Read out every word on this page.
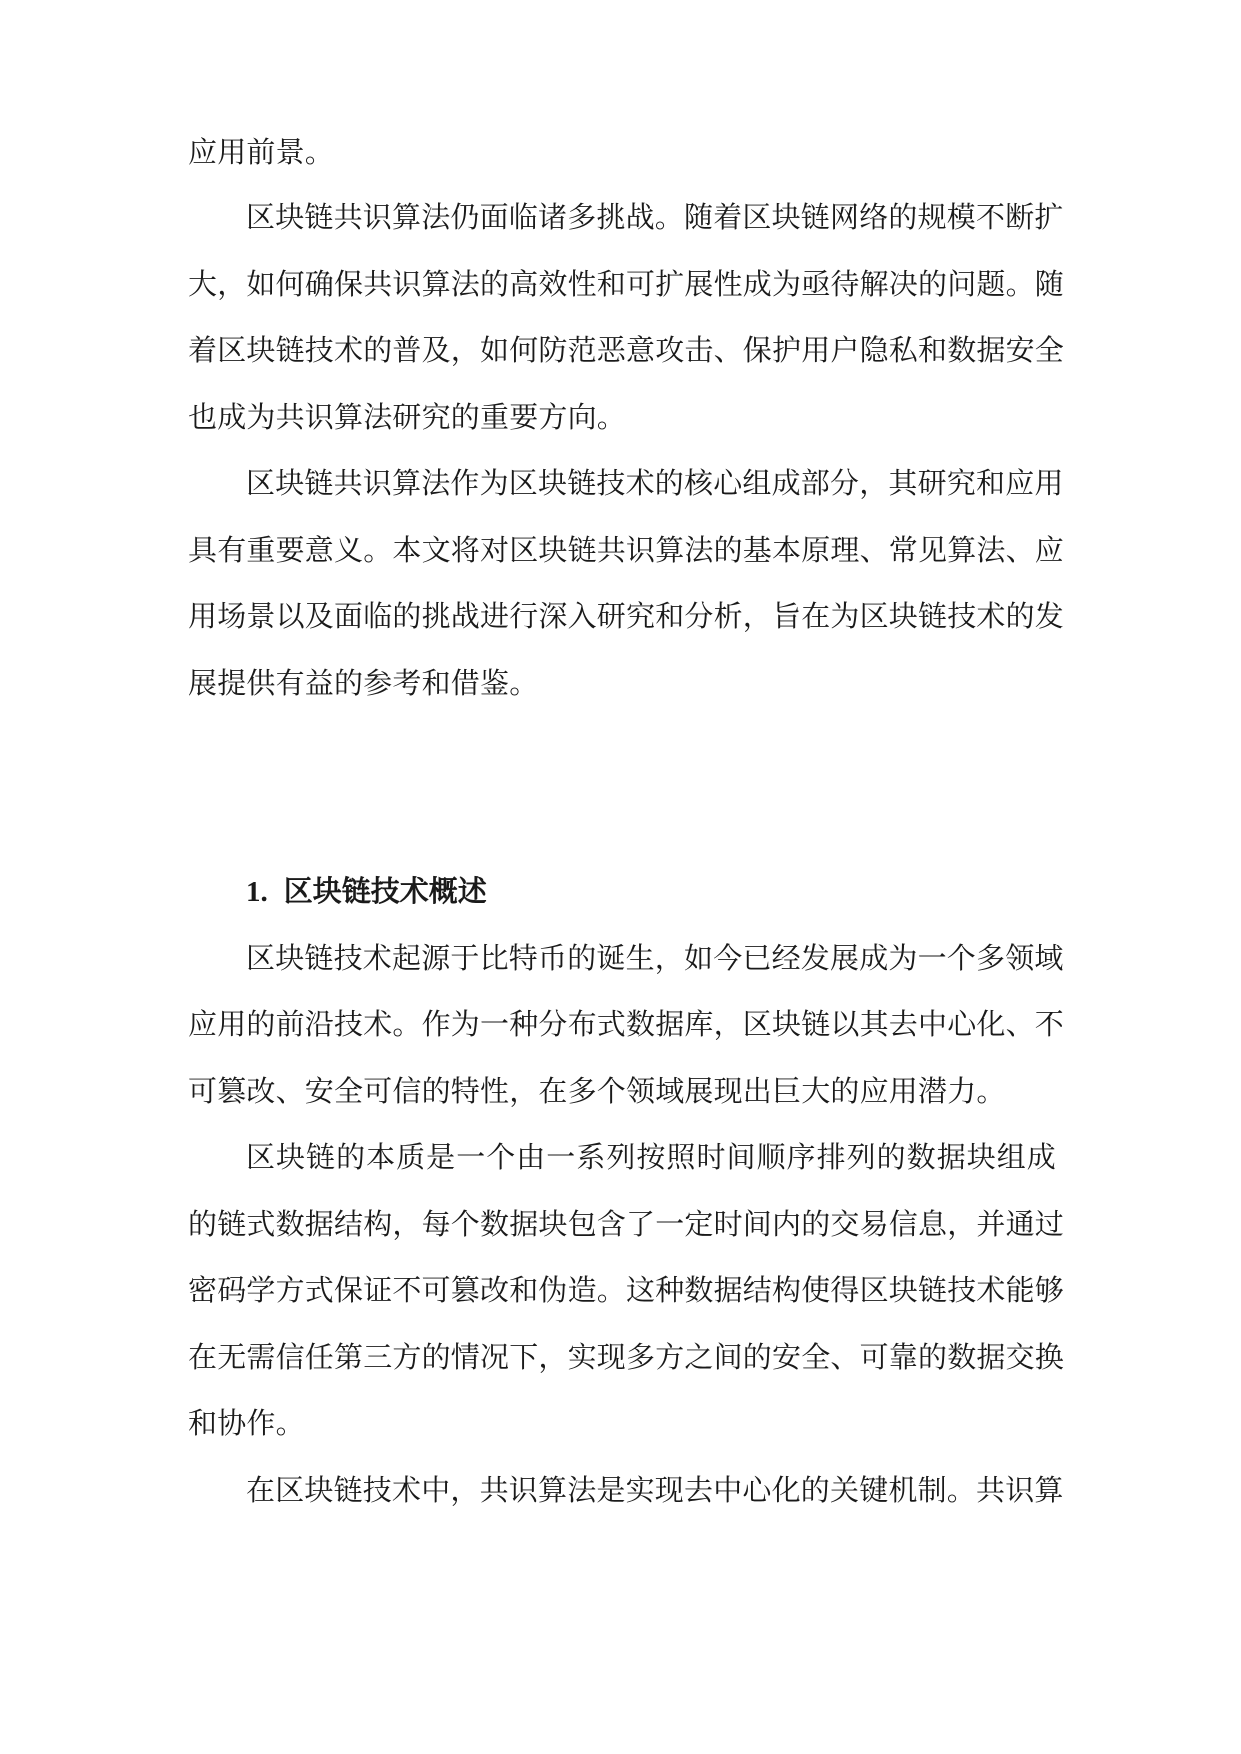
应用前景。
区块链共识算法仍面临诸多挑战。随着区块链网络的规模不断扩
大，如何确保共识算法的高效性和可扩展性成为亟待解决的问题。随
着区块链技术的普及，如何防范恶意攻击、保护用户隐私和数据安全
也成为共识算法研究的重要方向。
区块链共识算法作为区块链技术的核心组成部分，其研究和应用
具有重要意义。本文将对区块链共识算法的基本原理、常见算法、应
用场景以及面临的挑战进行深入研究和分析，旨在为区块链技术的发
展提供有益的参考和借鉴。
1. 区块链技术概述
区块链技术起源于比特币的诞生，如今已经发展成为一个多领域
应用的前沿技术。作为一种分布式数据库，区块链以其去中心化、不
可篡改、安全可信的特性，在多个领域展现出巨大的应用潜力。
区块链的本质是一个由一系列按照时间顺序排列的数据块组成
的链式数据结构，每个数据块包含了一定时间内的交易信息，并通过
密码学方式保证不可篡改和伪造。这种数据结构使得区块链技术能够
在无需信任第三方的情况下，实现多方之间的安全、可靠的数据交换
和协作。
在区块链技术中，共识算法是实现去中心化的关键机制。共识算
